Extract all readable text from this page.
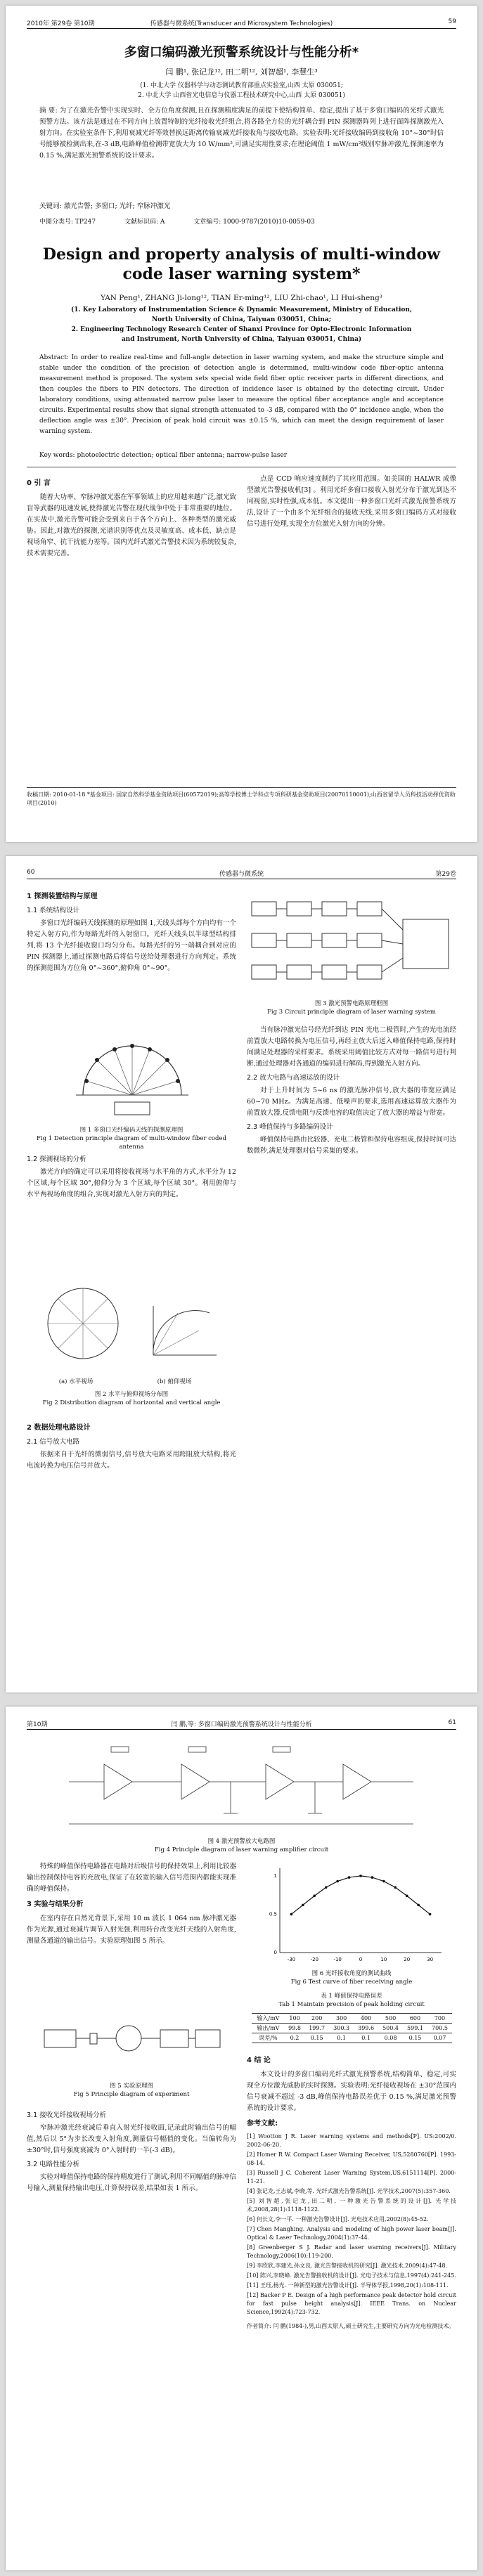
2010年 第29卷 第10期	传感器与微系统(Transducer and Microsystem Technologies)	59
多窗口编码激光预警系统设计与性能分析*
闫 鹏¹, 张记龙¹², 田二明¹², 刘智超¹, 李慧生³
(1. 中北大学 仪器科学与动态测试教育部重点实验室,山西 太原 030051;
2. 中北大学 山西省光电信息与仪器工程技术研究中心,山西 太原 030051)
摘 要: 为了在激光告警中实现实时、全方位角度探测,且在探测精度满足的前提下使结构简单、稳定,提出了基于多窗口编码的光纤式激光预警方法。该方法是通过在不同方向上放置特制的光纤接收光纤组合,将各路全方位的光纤耦合到 PIN 探测器阵列上进行面阵探测激光入射方向。在实验室条件下,利用衰减光纤等效替换远距离传输衰减光纤接收角与接收电路。实验表明:光纤接收编码到接收角 10°~30°时信号能够被检测出来,在-3 dB,电路峰值检测带宽放大为 10 W/mm²,可满足实用性要求;在理论阈值 1 mW/cm²级别窄脉冲激光,探测速率为 0.15 %,满足激光预警系统的设计要求。
关键词: 激光告警; 多窗口; 光纤; 窄脉冲激光
中图分类号: TP247	文献标识码: A	文章编号: 1000-9787(2010)10-0059-03
Design and property analysis of multi-window code laser warning system*
YAN Peng¹, ZHANG Ji-long¹², TIAN Er-ming¹², LIU Zhi-chao¹, LI Hui-sheng³
(1. Key Laboratory of Instrumentation Science & Dynamic Measurement, Ministry of Education,
North University of China, Taiyuan 030051, China;
2. Engineering Technology Research Center of Shanxi Province for Opto-Electronic Information
and Instrument, North University of China, Taiyuan 030051, China)
Abstract: In order to realize real-time and full-angle detection in laser warning system, and make the structure simple and stable under the condition of the precision of detection angle is determined, multi-window code fiber-optic antenna measurement method is proposed. The system sets special wide field fiber optic receiver parts in different directions, and then couples the fibers to PIN detectors. The direction of incidence laser is obtained by the detecting circuit. Under laboratory conditions, using attenuated narrow pulse laser to measure the optical fiber acceptance angle and acceptance circuits. Experimental results show that signal strength attenuated to -3 dB, compared with the 0° incidence angle, when the deflection angle was ±30°. Precision of peak hold circuit was ±0.15 %, which can meet the design requirement of laser warning system.
Key words: photoelectric detection; optical fiber antenna; narrow-pulse laser
0 引 言

随着大功率、窄脉冲激光器在军事领域上的应用越来越广泛,激光致盲等武器的迅速发展,使得激光告警在现代战争中处于非常重要的地位。在实战中,激光告警可能会受到来自于各个方向上、各种类型的激光威胁。因此,对激光的探测,光谱识别等优点及灵敏度高、成本低、缺点是视场角窄、抗干扰能力差等。国内光纤式激光告警技术因为系统较复杂,技术需要完善。

点是 CCD 响应速度制约了其应用范围。如美国的 HALWR 成像型激光告警接收机[3] 。利用光纤多窗口接收入射光分布于激光到达不同视窗,实时性强,成本低。本文提出一种多窗口光纤式激光预警系统方法,设计了一个由多个光纤组合的接收天线,采用多窗口编码方式对接收信号进行处理,实现全方位激光入射方向的分辨。

收稿日期: 2010-01-18 *基金项目: 国家自然科学基金资助项目(60572019);高等学校博士学科点专项科研基金资助项目(20070110001);山西省留学人员科技活动择优资助项目(2010)
60	传感器与微系统	第29卷
1 探测装置结构与原理
1.1 系统结构设计

多窗口光纤编码天线探测的原理如图 1,天线头部每个方向均有一个特定入射方向,作为每路光纤的入射窗口。光纤天线头以半球型结构排列,将 13 个光纤接收窗口均匀分布。每路光纤的另一端耦合到对应的 PIN 探测器上,通过探测电路后将信号送给处理器进行方向判定。系统的探测范围为方位角 0°~360°,俯仰角 0°~90°。

图 1 多窗口光纤编码天线的探测原理图
Fig 1 Detection principle diagram of multi-window fiber coded antenna
1.2 探测视场的分析

激光方向的确定可以采用将接收视场与水平角的方式,水平分为 12 个区域,每个区域 30°,俯仰分为 3 个区域,每个区域 30°。利用俯仰与水平两视场角度的组合,实现对激光入射方向的判定。

(a) 水平视场	(b) 俯仰视场
图 2 水平与俯仰视场分布图
Fig 2 Distribution diagram of horizontal and vertical angle
2 数据处理电路设计
2.1 信号放大电路

依据来自于光纤的微弱信号,信号放大电路采用跨阻放大结构,将光电流转换为电压信号并放大。

图 3 激光预警电路原理框图
Fig 3 Circuit principle diagram of laser warning system

当有脉冲激光信号经光纤到达 PIN 光电二极管时,产生的光电流经前置放大电路转换为电压信号,再经主放大后送入峰值保持电路,保持时间满足处理器的采样要求。系统采用阈值比较方式对每一路信号进行判断,通过处理器对各通道的编码进行解码,得到激光入射方向。

2.2 放大电路与高速运放的设计

对于上升时间为 5~6 ns 的激光脉冲信号,放大器的带宽应满足 60~70 MHz。为满足高速、低噪声的要求,选用高速运算放大器作为前置放大器,反馈电阻与反馈电容的取值决定了放大器的增益与带宽。

2.3 峰值保持与多路编码设计

峰值保持电路由比较器、充电二极管和保持电容组成,保持时间可达数微秒,满足处理器对信号采集的要求。

第10期	闫 鹏,等: 多窗口编码激光预警系统设计与性能分析	61
图 4 激光预警放大电路图
Fig 4 Principle diagram of laser warning amplifier circuit

特殊的峰值保持电路器在电路对后级信号的保持效果上,利用比较器输出控制保持电容的充放电,保证了在较宽的输入信号范围内都能实现准确的峰值保持。

3 实验与结果分析

在室内存在自然光背景下,采用 10 m 波长 1 064 nm 脉冲激光器作为光源,通过衰减片调节入射光强,利用转台改变光纤天线的入射角度,测量各通道的输出信号。实验原理如图 5 所示。

图 5 实验原理图
Fig 5 Principle diagram of experiment
3.1 接收光纤接收视场分析

窄脉冲激光经衰减后垂直入射光纤接收面,记录此时输出信号的幅值,然后以 5°为步长改变入射角度,测量信号幅值的变化。当偏转角为 ±30°时,信号强度衰减为 0°入射时的一半(-3 dB)。

3.2 电路性能分析

实验对峰值保持电路的保持精度进行了测试,利用不同幅值的脉冲信号输入,测量保持输出电压,计算保持误差,结果如表 1 所示。

-30	-20	-10	0	10	20	30
0
0.5
1
图 6 光纤接收角度的测试曲线
Fig 6 Test curve of fiber receiving angle
表 1 峰值保持电路误差
Tab 1 Maintain precision of peak holding circuit
输入/mV	100	200	300	400	500	600	700
输出/mV	99.8	199.7	300.3	399.6	500.4	599.1	700.5
误差/%	0.2	0.15	0.1	0.1	0.08	0.15	0.07
4 结 论

本文设计的多窗口编码光纤式激光预警系统,结构简单、稳定,可实现全方位激光威胁的实时探测。实验表明:光纤接收视场在 ±30°范围内信号衰减不超过 -3 dB,峰值保持电路误差优于 0.15 %,满足激光预警系统的设计要求。

参考文献:
[1] Wootton J R. Laser warning systems and methods[P]. US:2002/0. 2002-06-20.
[2] Homer R W. Compact Laser Warning Receiver, US,5280760[P]. 1993-08-14.
[3] Russell J C. Coherent Laser Warning System,US,6151114[P]. 2000-11-21.
[4] 张记龙,王志斌,李晓,等. 光纤式激光告警系统[J]. 光学技术,2007(5):357-360.
[5] 刘智超,张记龙,田二明. 一种激光告警系统的设计[J]. 光学技术,2008,28(1):1118-1122.
[6] 何长文,李一平. 一种激光告警设计[J]. 光电技术应用,2002(8):45-52.
[7] Chen Manghing. Analysis and modeling of high power laser beam[J]. Optical & Laser Technology,2004(1):37-44.
[8] Greenberger S J. Radar and laser warning receivers[J]. Military Technology,2006(10):119-200.
[9] 李欣欣,李建光,孙文良. 激光告警接收机的研究[J]. 激光技术,2009(4):47-48.
[10] 陈兴,李晓峰. 激光告警接收机的设计[J]. 光电子技术与信息,1997(4):241-245.
[11] 王珏,杨光. 一种新型的激光告警设计[J]. 半导体学报,1998,20(1):108-111.
[12] Backer P E. Design of a high performance peak detector hold circuit for fast pulse height analysis[J]. IEEE Trans. on Nuclear Science,1992(4):723-732.
作者简介: 闫 鹏(1984-),男,山西太原人,硕士研究生,主要研究方向为光电检测技术。
